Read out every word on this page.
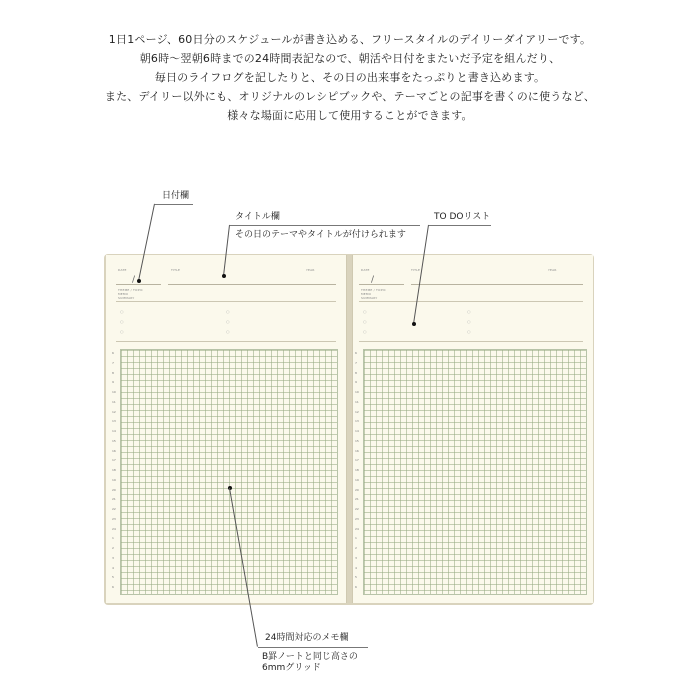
1日1ページ、60日分のスケジュールが書き込める、フリースタイルのデイリーダイアリーです。
朝6時〜翌朝6時までの24時間表記なので、朝活や日付をまたいだ予定を組んだり、
毎日のライフログを記したりと、その日の出来事をたっぷりと書き込めます。
また、デイリー以外にも、オリジナルのレシピブックや、テーマごとの記事を書くのに使うなど、
様々な場面に応用して使用することができます。
DATE	TITLE	YEAR
/
THEME / TOPIC
MEMO
SUMMARY
○
○
○
○
○
○
6
7
8
9
10
11
12
13
14
15
16
17
18
19
20
21
22
23
24
1
2
3
4
5
6
DATE	TITLE	YEAR
/
THEME / TOPIC
MEMO
SUMMARY
○
○
○
○
○
○
6
7
8
9
10
11
12
13
14
15
16
17
18
19
20
21
22
23
24
1
2
3
4
5
6
日付欄
タイトル欄
その日のテーマやタイトルが付けられます
TO DOリスト
24時間対応のメモ欄
B罫ノートと同じ高さの
6mmグリッド
